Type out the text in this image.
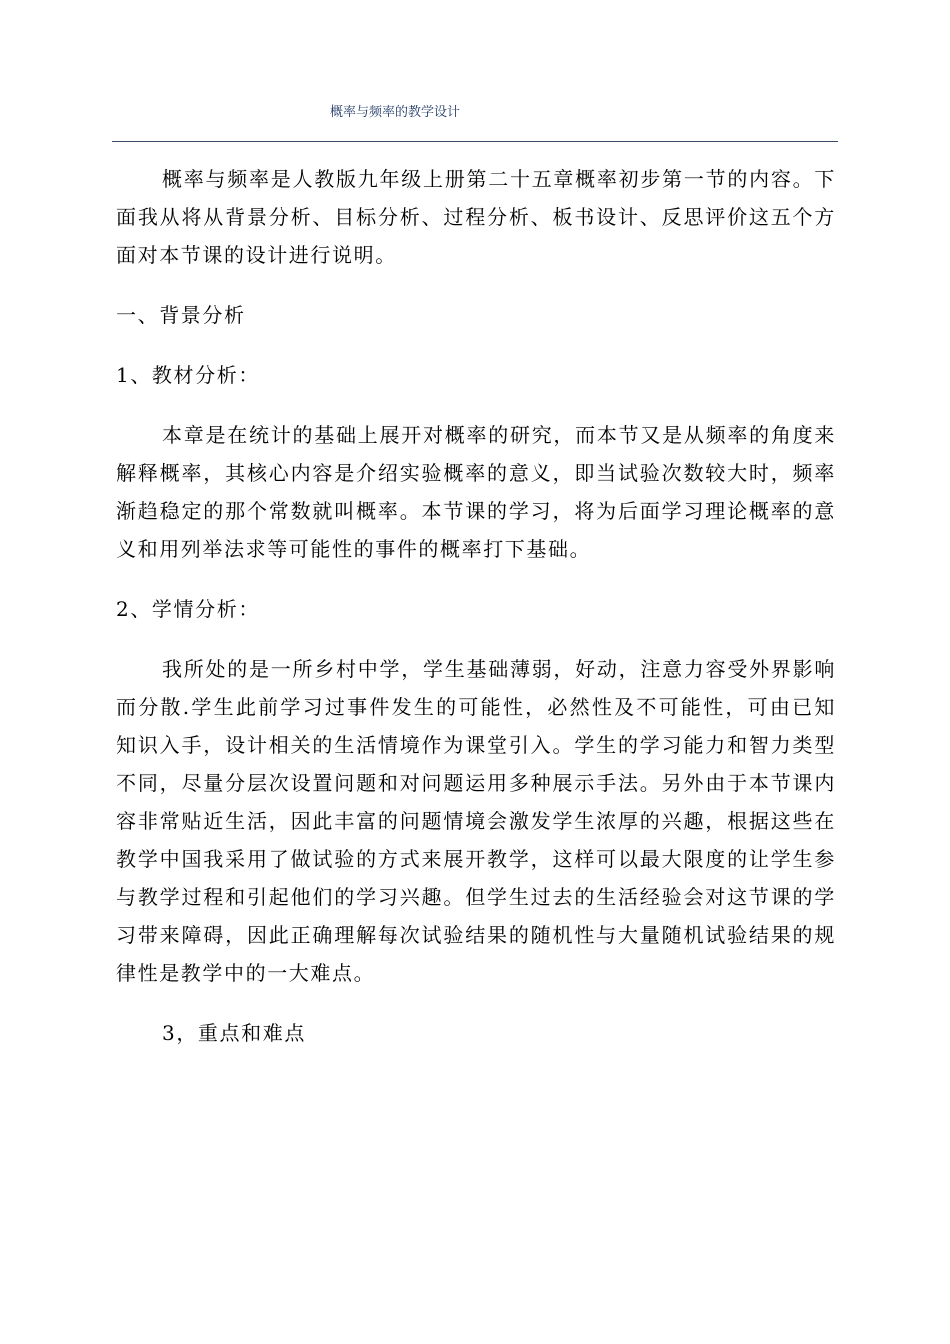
概率与频率的教学设计

概率与频率是人教版九年级上册第二十五章概率初步第一节的内容。下面我从将从背景分析、目标分析、过程分析、板书设计、反思评价这五个方面对本节课的设计进行说明。

一、背景分析

1、教材分析：

本章是在统计的基础上展开对概率的研究，而本节又是从频率的角度来解释概率，其核心内容是介绍实验概率的意义，即当试验次数较大时，频率渐趋稳定的那个常数就叫概率。本节课的学习，将为后面学习理论概率的意义和用列举法求等可能性的事件的概率打下基础。

2、学情分析：

我所处的是一所乡村中学，学生基础薄弱，好动，注意力容受外界影响而分散.学生此前学习过事件发生的可能性，必然性及不可能性，可由已知知识入手，设计相关的生活情境作为课堂引入。学生的学习能力和智力类型不同，尽量分层次设置问题和对问题运用多种展示手法。另外由于本节课内容非常贴近生活，因此丰富的问题情境会激发学生浓厚的兴趣，根据这些在教学中国我采用了做试验的方式来展开教学，这样可以最大限度的让学生参与教学过程和引起他们的学习兴趣。但学生过去的生活经验会对这节课的学习带来障碍，因此正确理解每次试验结果的随机性与大量随机试验结果的规律性是教学中的一大难点。

3，重点和难点
